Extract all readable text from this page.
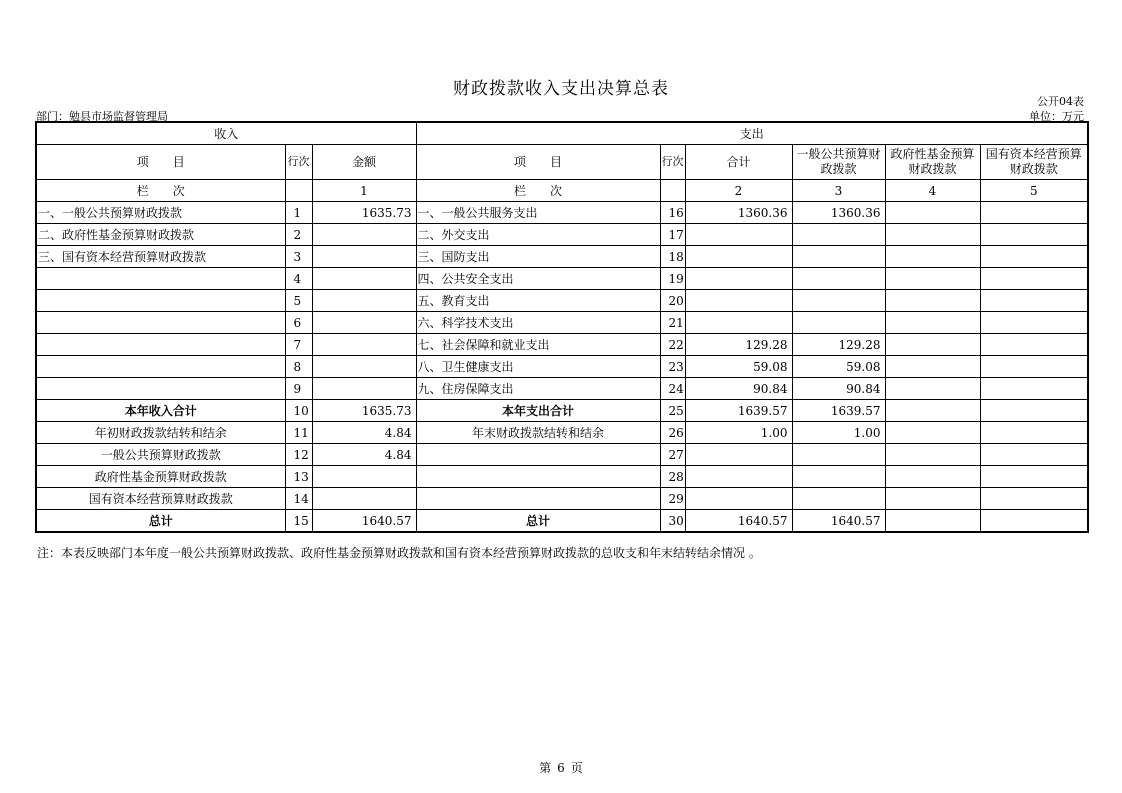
财政拨款收入支出决算总表
公开04表
部门：勉县市场监督管理局	单位：万元
收入			支出					
项　　目	行次	金额	项　　目	行次	合计	一般公共预算财政拨款	政府性基金预算财政拨款	国有资本经营预算财政拨款
栏　　次		1	栏　　次		2	3	4	5
一、一般公共预算财政拨款	1	1635.73	一、一般公共服务支出	16	1360.36	1360.36		
二、政府性基金预算财政拨款	2		二、外交支出	17				
三、国有资本经营预算财政拨款	3		三、国防支出	18				
	4		四、公共安全支出	19				
	5		五、教育支出	20				
	6		六、科学技术支出	21				
	7		七、社会保障和就业支出	22	129.28	129.28		
	8		八、卫生健康支出	23	59.08	59.08		
	9		九、住房保障支出	24	90.84	90.84		
本年收入合计	10	1635.73	本年支出合计	25	1639.57	1639.57		
年初财政拨款结转和结余	11	4.84	年末财政拨款结转和结余	26	1.00	1.00		
一般公共预算财政拨款	12	4.84		27				
政府性基金预算财政拨款	13			28				
国有资本经营预算财政拨款	14			29				
总计	15	1640.57	总计	30	1640.57	1640.57		
注：本表反映部门本年度一般公共预算财政拨款、政府性基金预算财政拨款和国有资本经营预算财政拨款的总收支和年末结转结余情况 。
第 6 页
